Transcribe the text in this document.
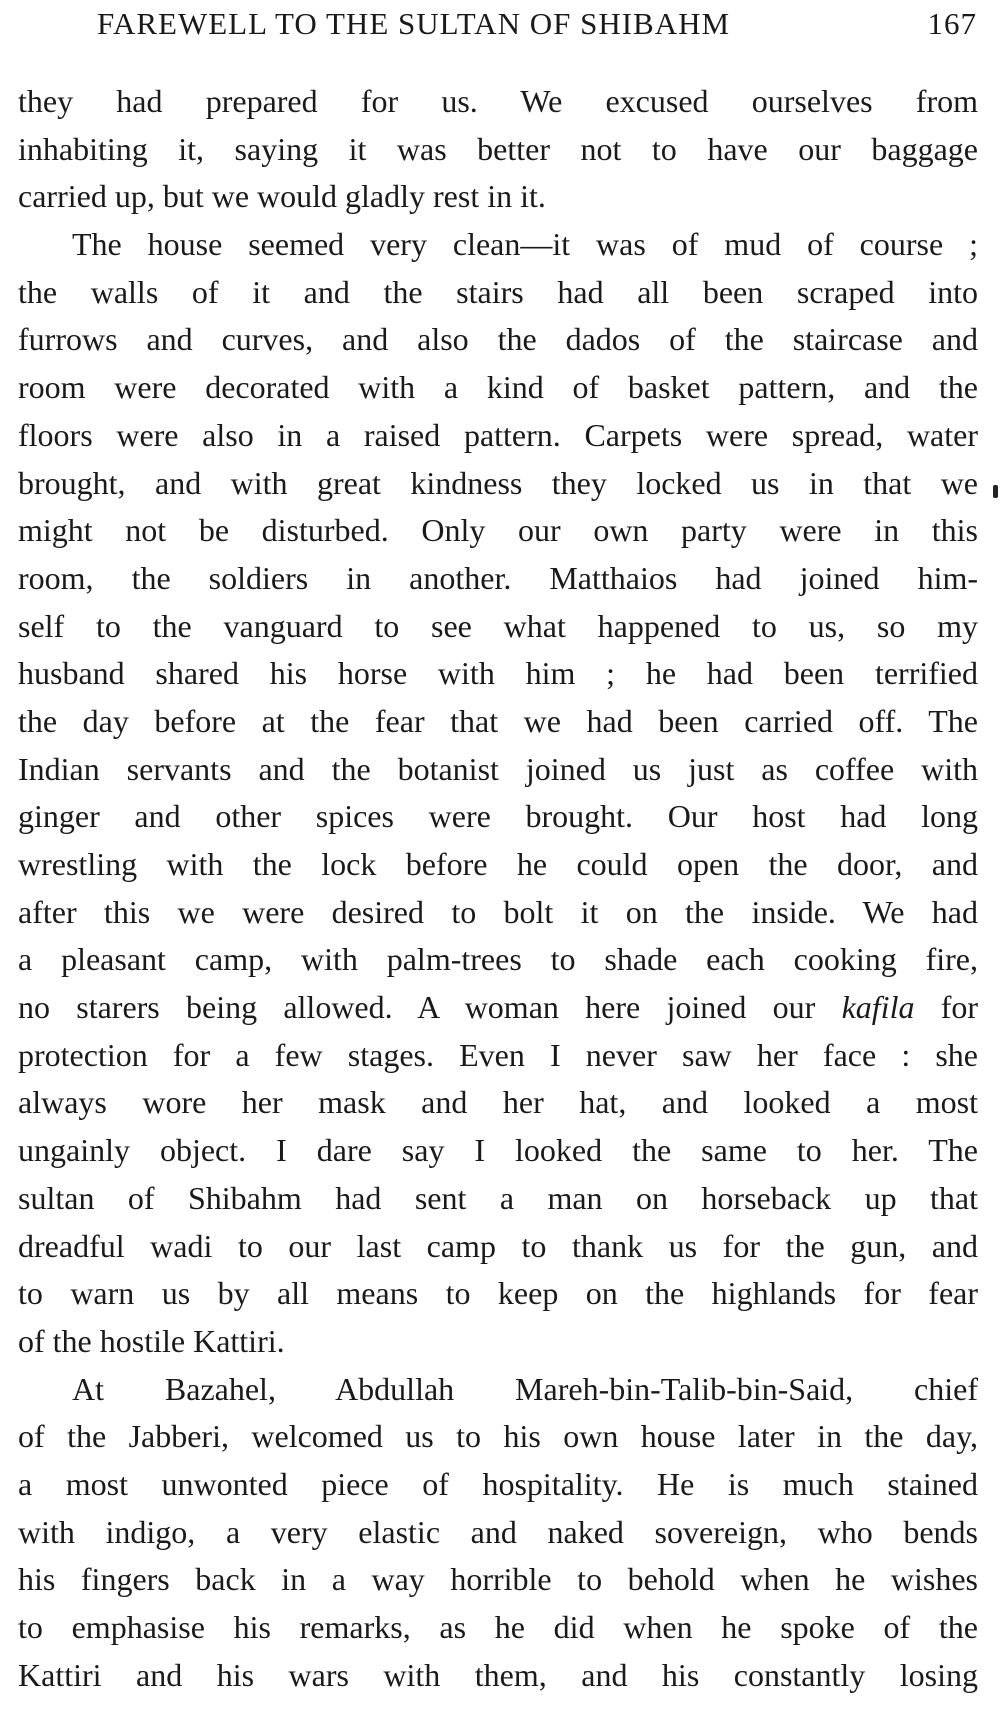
FAREWELL TO THE SULTAN OF SHIBAHM	167
they had prepared for us. We excused ourselves from
inhabiting it, saying it was better not to have our baggage
carried up, but we would gladly rest in it.
The house seemed very clean—it was of mud of course ;
the walls of it and the stairs had all been scraped into
furrows and curves, and also the dados of the staircase and
room were decorated with a kind of basket pattern, and the
floors were also in a raised pattern. Carpets were spread, water
brought, and with great kindness they locked us in that we
might not be disturbed. Only our own party were in this
room, the soldiers in another. Matthaios had joined him-
self to the vanguard to see what happened to us, so my
husband shared his horse with him ; he had been terrified
the day before at the fear that we had been carried off. The
Indian servants and the botanist joined us just as coffee with
ginger and other spices were brought. Our host had long
wrestling with the lock before he could open the door, and
after this we were desired to bolt it on the inside. We had
a pleasant camp, with palm-trees to shade each cooking fire,
no starers being allowed. A woman here joined our kafila for
protection for a few stages. Even I never saw her face : she
always wore her mask and her hat, and looked a most
ungainly object. I dare say I looked the same to her. The
sultan of Shibahm had sent a man on horseback up that
dreadful wadi to our last camp to thank us for the gun, and
to warn us by all means to keep on the highlands for fear
of the hostile Kattiri.
At Bazahel, Abdullah Mareh-bin-Talib-bin-Said, chief
of the Jabberi, welcomed us to his own house later in the day,
a most unwonted piece of hospitality. He is much stained
with indigo, a very elastic and naked sovereign, who bends
his fingers back in a way horrible to behold when he wishes
to emphasise his remarks, as he did when he spoke of the
Kattiri and his wars with them, and his constantly losing
